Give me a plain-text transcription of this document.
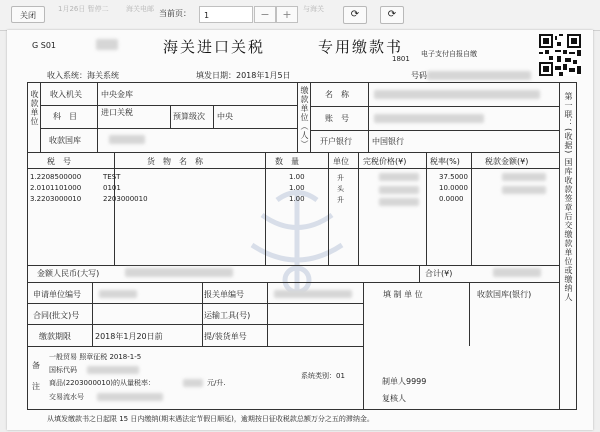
关闭
1月26日 暂停二 海关电邮	与海关
当前页：	1	−	+	⟳	⟳
G S01	海关进口关税	专用缴款书
1801
电子支付自报自缴
收入系统：海关系统	填发日期：2018年1月5日	号码
第一联：(收据) 国库收款签章后交缴款单位或缴纳人
收款单位 收入机关 中央金库
科　目	进口关税	预算级次 中央
收款国库	缴款单位（人） 名　称
账　号
开户银行	中国银行
税　号	货　物　名　称	数　量	单位 完税价格(¥)	税率(%)	税款金额(¥)
1.2208500000	TEST	1.00	升	37.5000
2.0101101000	0101	1.00	头	10.0000
3.2203000010	2203000010	1.00	升	0.0000
金额人民币(大写)	合计(¥)
申请单位编号	报关单编号
合同(批文)号	运输工具(号)
缴款期限	2018年1月20日前	提/装货单号
填 制 单 位	收款国库(银行)
备
注
一般贸易 照章征税 2018-1-5
国标代码
商品(2203000010)的从量税率：	元/升.
交易流水号
系统类别：01
制单人9999
复核人
从填发缴款书之日起限 15 日内缴纳(期末遇法定节假日顺延)，逾期按日征收税款总额万分之五的滞纳金。
